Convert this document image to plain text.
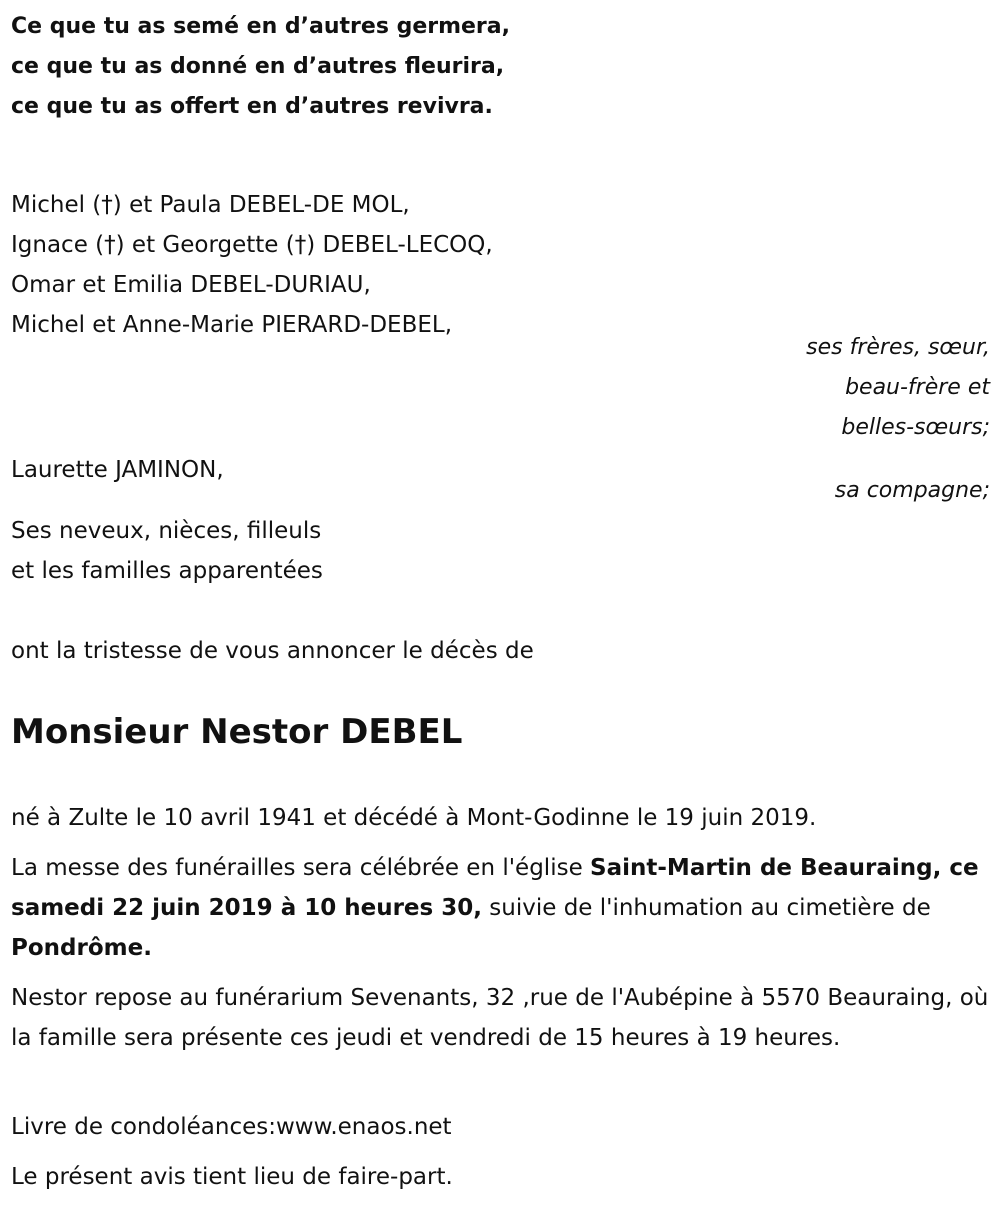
Ce que tu as semé en d’autres germera,
ce que tu as donné en d’autres fleurira,
ce que tu as offert en d’autres revivra.
Michel (†) et Paula DEBEL-DE MOL,
Ignace (†) et Georgette (†) DEBEL-LECOQ,
Omar et Emilia DEBEL-DURIAU,
Michel et Anne-Marie PIERARD-DEBEL,
ses frères, sœur,
beau-frère et
belles-sœurs;
Laurette JAMINON,
sa compagne;
Ses neveux, nièces, filleuls
et les familles apparentées
ont la tristesse de vous annoncer le décès de
Monsieur Nestor DEBEL
né à Zulte le 10 avril 1941 et décédé à Mont-Godinne le 19 juin 2019.
La messe des funérailles sera célébrée en l'église Saint-Martin de Beauraing, ce samedi 22 juin 2019 à 10 heures 30, suivie de l'inhumation au cimetière de Pondrôme.
Nestor repose au funérarium Sevenants, 32 ,rue de l'Aubépine à 5570 Beauraing, où la famille sera présente ces jeudi et vendredi de 15 heures à 19 heures.
Livre de condoléances:www.enaos.net
Le présent avis tient lieu de faire-part.
